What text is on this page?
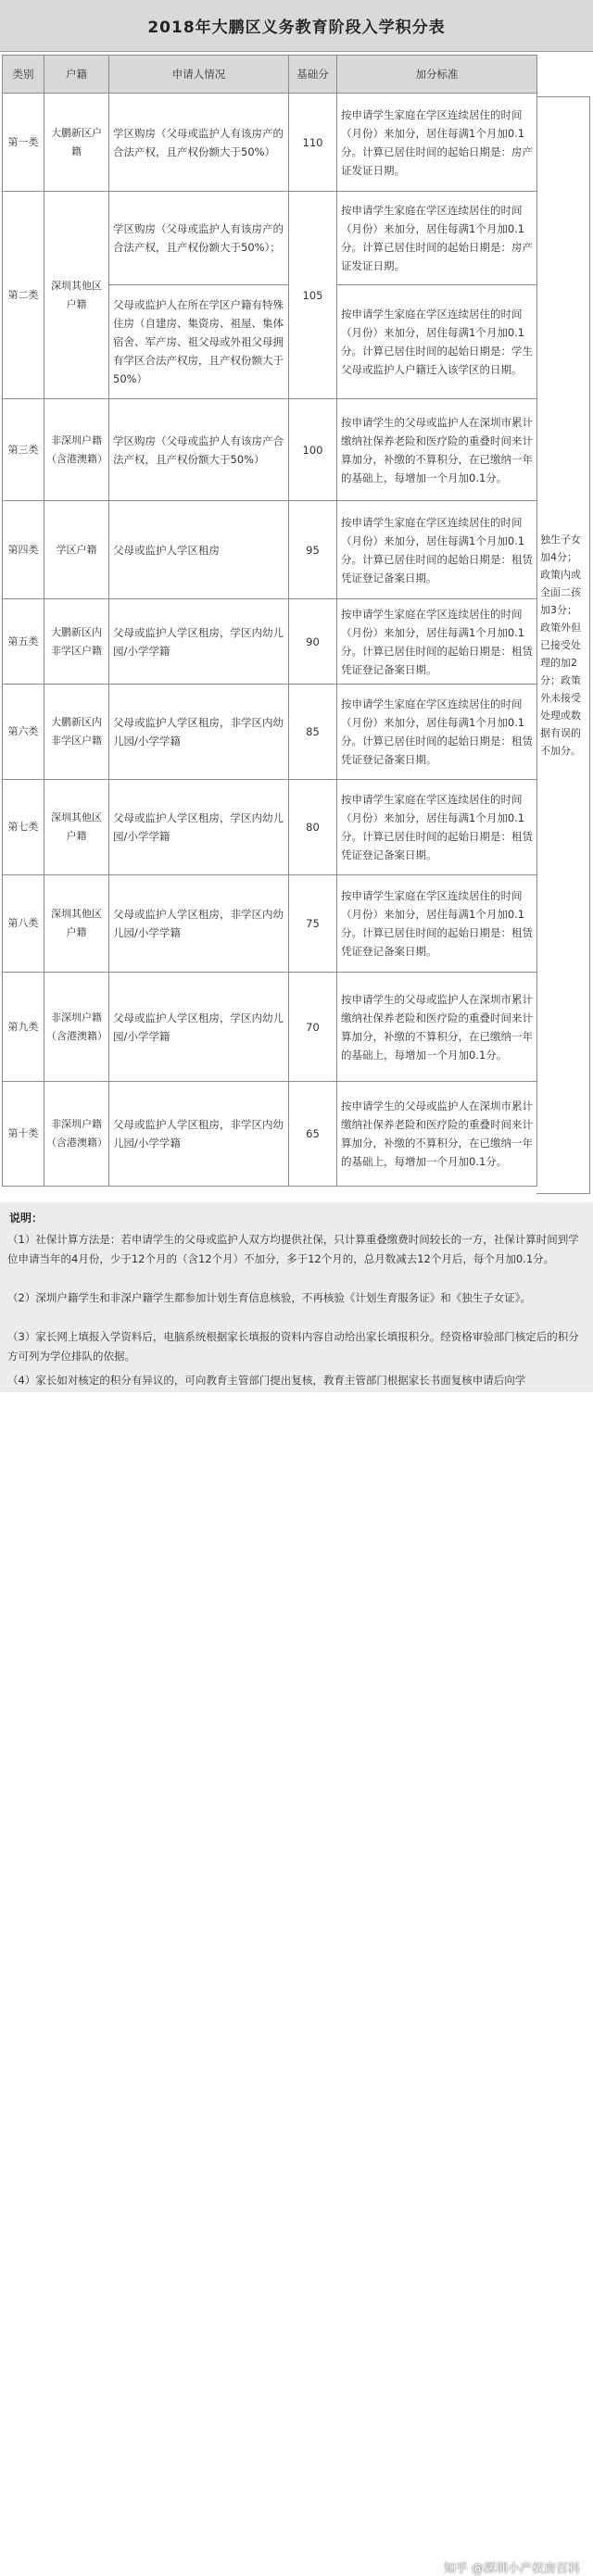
2018年大鹏区义务教育阶段入学积分表
类别	户籍	申请人情况	基础分	加分标准
第一类	大鹏新区户籍	学区购房（父母或监护人有该房产的合法产权，且产权份额大于50%）	110	按申请学生家庭在学区连续居住的时间（月份）来加分，居住每满1个月加0.1分。计算已居住时间的起始日期是：房产证发证日期。
第二类	深圳其他区户籍	学区购房（父母或监护人有该房产的合法产权，且产权份额大于50%）；	105	按申请学生家庭在学区连续居住的时间（月份）来加分，居住每满1个月加0.1分。计算已居住时间的起始日期是：房产证发证日期。
		父母或监护人在所在学区户籍有特殊住房（自建房、集资房、祖屋、集体宿舍、军产房、祖父母或外祖父母拥有学区合法产权房，且产权份额大于50%）		按申请学生家庭在学区连续居住的时间（月份）来加分，居住每满1个月加0.1分。计算已居住时间的起始日期是：学生父母或监护人户籍迁入该学区的日期。
第三类	非深圳户籍（含港澳籍）	学区购房（父母或监护人有该房产合法产权，且产权份额大于50%）	100	按申请学生的父母或监护人在深圳市累计缴纳社保养老险和医疗险的重叠时间来计算加分，补缴的不算积分，在已缴纳一年的基础上，每增加一个月加0.1分。
第四类	学区户籍	父母或监护人学区租房	95	按申请学生家庭在学区连续居住的时间（月份）来加分，居住每满1个月加0.1分。计算已居住时间的起始日期是：租赁凭证登记备案日期。
第五类	大鹏新区内非学区户籍	父母或监护人学区租房，学区内幼儿园/小学学籍	90	按申请学生家庭在学区连续居住的时间（月份）来加分，居住每满1个月加0.1分。计算已居住时间的起始日期是：租赁凭证登记备案日期。
第六类	大鹏新区内非学区户籍	父母或监护人学区租房，非学区内幼儿园/小学学籍	85	按申请学生家庭在学区连续居住的时间（月份）来加分，居住每满1个月加0.1分。计算已居住时间的起始日期是：租赁凭证登记备案日期。
第七类	深圳其他区户籍	父母或监护人学区租房，学区内幼儿园/小学学籍	80	按申请学生家庭在学区连续居住的时间（月份）来加分，居住每满1个月加0.1分。计算已居住时间的起始日期是：租赁凭证登记备案日期。
第八类	深圳其他区户籍	父母或监护人学区租房，非学区内幼儿园/小学学籍	75	按申请学生家庭在学区连续居住的时间（月份）来加分，居住每满1个月加0.1分。计算已居住时间的起始日期是：租赁凭证登记备案日期。
第九类	非深圳户籍（含港澳籍）	父母或监护人学区租房，学区内幼儿园/小学学籍	70	按申请学生的父母或监护人在深圳市累计缴纳社保养老险和医疗险的重叠时间来计算加分，补缴的不算积分，在已缴纳一年的基础上，每增加一个月加0.1分。
第十类	非深圳户籍（含港澳籍）	父母或监护人学区租房，非学区内幼儿园/小学学籍	65	按申请学生的父母或监护人在深圳市累计缴纳社保养老险和医疗险的重叠时间来计算加分，补缴的不算积分，在已缴纳一年的基础上，每增加一个月加0.1分。
独生子女加4分；政策内或全面二孩加3分；政策外但已接受处理的加2分；政策外未接受处理或数据有误的不加分。
说明：
（1）社保计算方法是：若申请学生的父母或监护人双方均提供社保，只计算重叠缴费时间较长的一方，社保计算时间到学位申请当年的4月份，少于12个月的（含12个月）不加分，多于12个月的，总月数减去12个月后，每个月加0.1分。
（2）深圳户籍学生和非深户籍学生都参加计划生育信息核验，不再核验《计划生育服务证》和《独生子女证》。
（3）家长网上填报入学资料后，电脑系统根据家长填报的资料内容自动给出家长填报积分。经资格审验部门核定后的积分方可列为学位排队的依据。
（4）家长如对核定的积分有异议的，可向教育主管部门提出复核，教育主管部门根据家长书面复核申请后向学
知乎 @深圳小产权房百科
